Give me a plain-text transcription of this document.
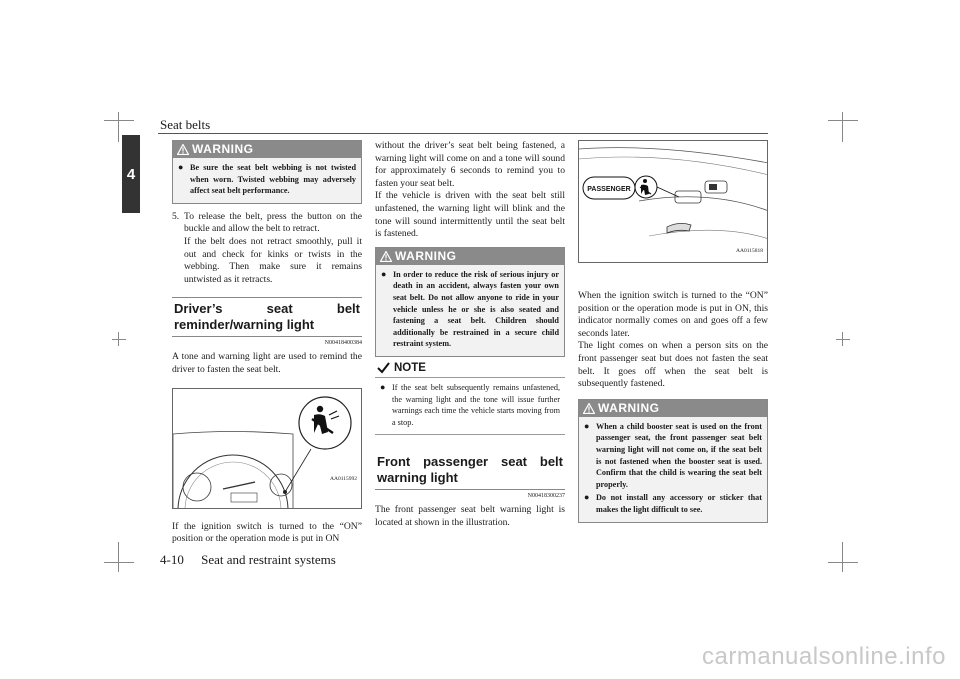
Seat belts
4
WARNING
● Be sure the seat belt webbing is not twisted when worn. Twisted webbing may adversely affect seat belt performance.
5. To release the belt, press the button on the buckle and allow the belt to retract.

If the belt does not retract smoothly, pull it out and check for kinks or twists in the webbing. Then make sure it remains untwisted as it retracts.

Driver’s seat belt reminder/warning light
N00418400384

A tone and warning light are used to remind the driver to fasten the seat belt.

AA0115992

If the ignition switch is turned to the “ON” position or the operation mode is put in ON

without the driver’s seat belt being fastened, a warning light will come on and a tone will sound for approximately 6 seconds to remind you to fasten your seat belt.

If the vehicle is driven with the seat belt still unfastened, the warning light will blink and the tone will sound intermittently until the seat belt is fastened.

WARNING
● In order to reduce the risk of serious injury or death in an accident, always fasten your own seat belt. Do not allow anyone to ride in your vehicle unless he or she is also seated and fastening a seat belt. Children should additionally be restrained in a secure child restraint system.
NOTE
● If the seat belt subsequently remains unfastened, the warning light and the tone will issue further warnings each time the vehicle starts moving from a stop.
Front passenger seat belt warning light
N00418300237

The front passenger seat belt warning light is located at shown in the illustration.

PASSENGER
AA0115818

When the ignition switch is turned to the “ON” position or the operation mode is put in ON, this indicator normally comes on and goes off a few seconds later.

The light comes on when a person sits on the front passenger seat but does not fasten the seat belt. It goes off when the seat belt is subsequently fastened.

WARNING
● When a child booster seat is used on the front passenger seat, the front passenger seat belt warning light will not come on, if the seat belt is not fastened when the booster seat is used. Confirm that the child is wearing the seat belt properly.
● Do not install any accessory or sticker that makes the light difficult to see.
4-10 Seat and restraint systems
carmanualsonline.info
